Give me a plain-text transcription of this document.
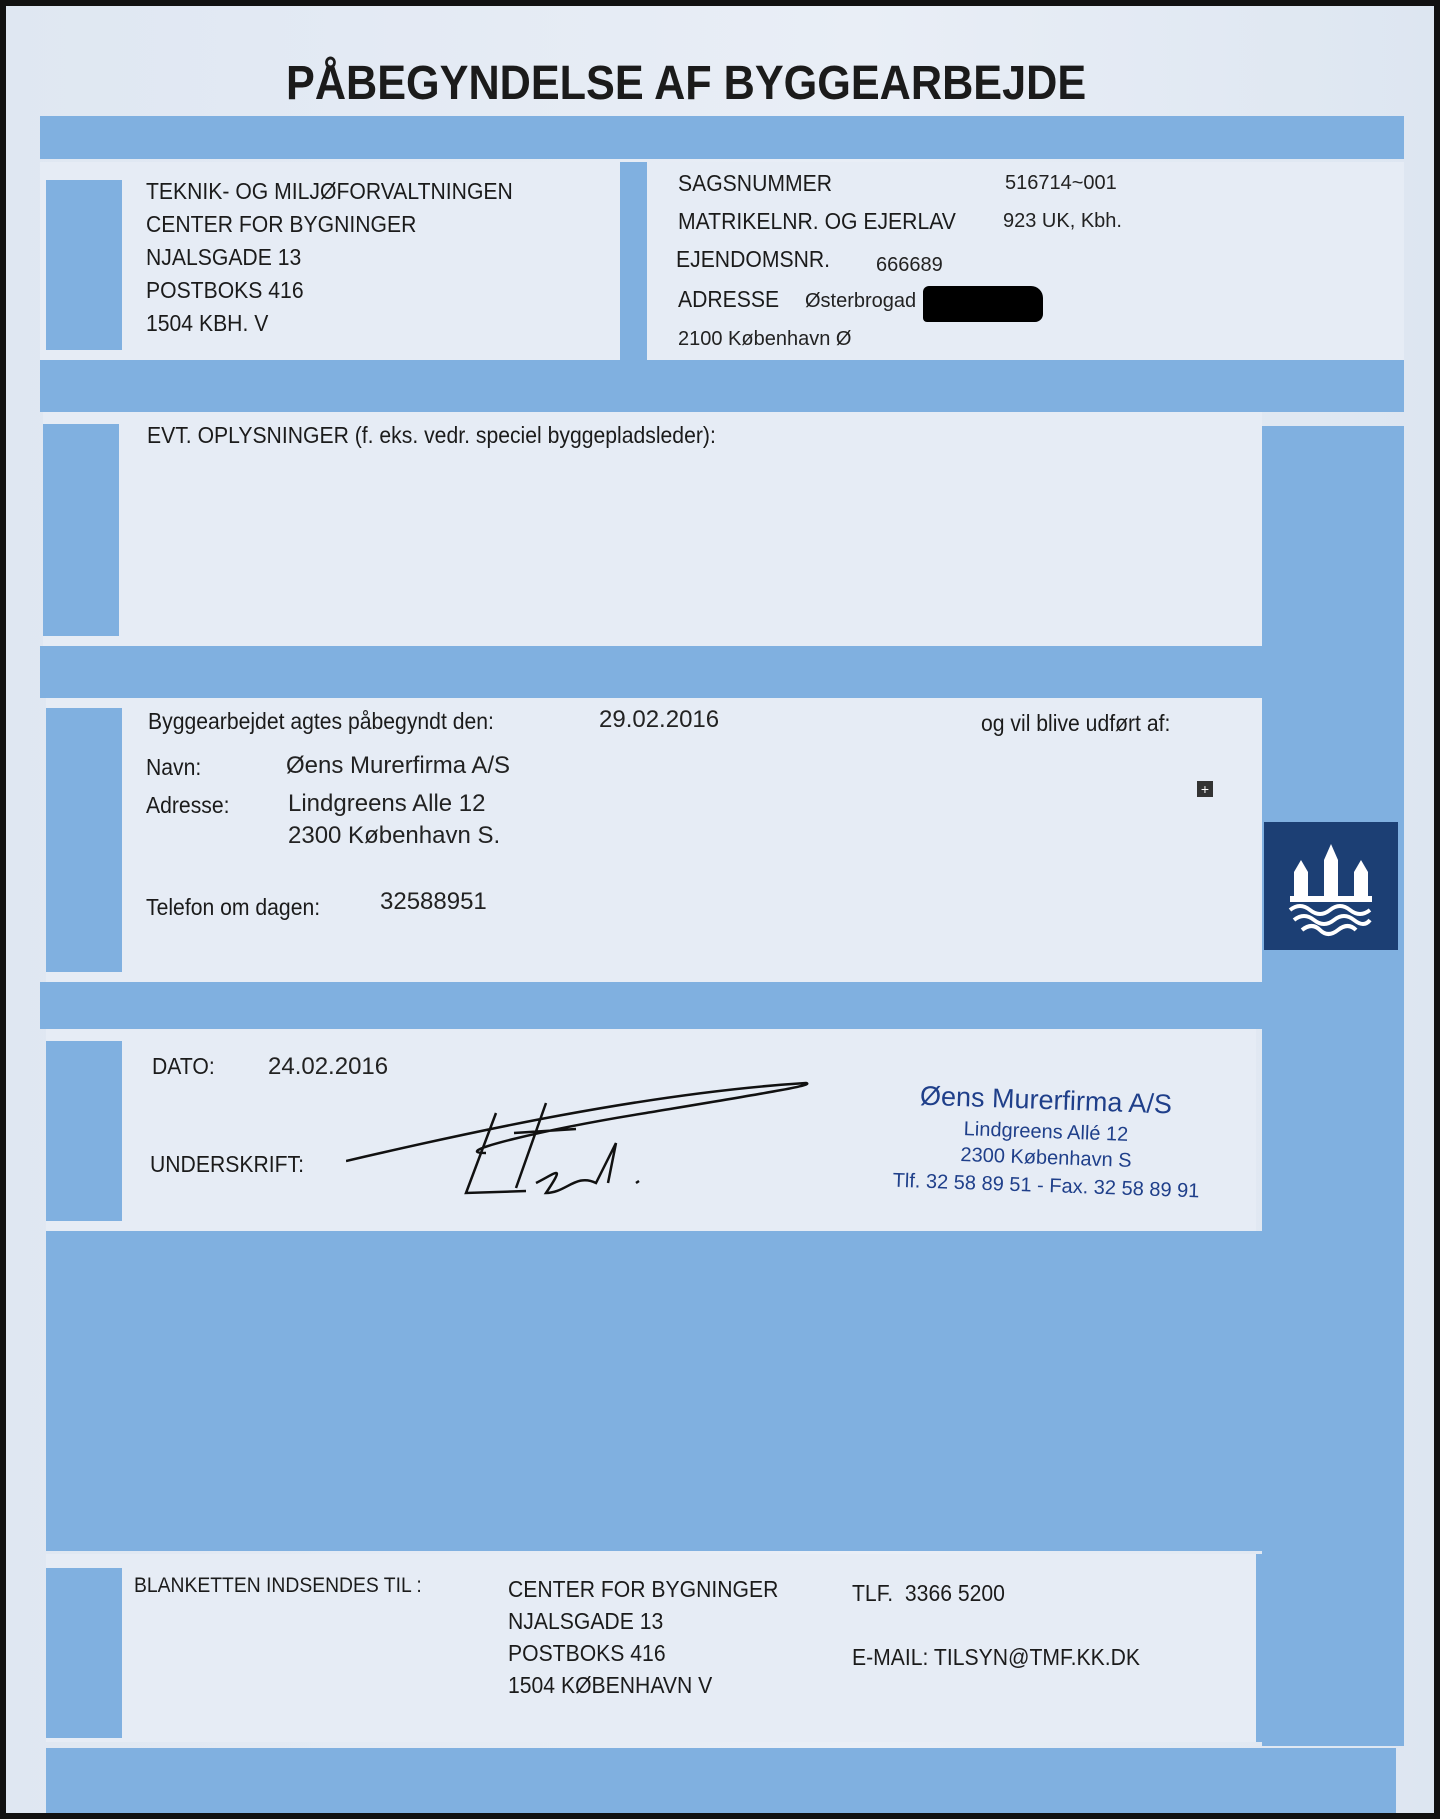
PÅBEGYNDELSE AF BYGGEARBEJDE
TEKNIK- OG MILJØFORVALTNINGEN
CENTER FOR BYGNINGER
NJALSGADE 13
POSTBOKS 416
1504 KBH. V
SAGSNUMMER	516714~001
MATRIKELNR. OG EJERLAV 923 UK, Kbh.
EJENDOMSNR. 666689
ADRESSE Østerbrogad
2100 København Ø
EVT. OPLYSNINGER (f. eks. vedr. speciel byggepladsleder):
Byggearbejdet agtes påbegyndt den:	29.02.2016	og vil blive udført af:
Navn:	Øens Murerfirma A/S
Adresse: Lindgreens Alle 12
2300 København S.
Telefon om dagen: 32588951
+
DATO: 24.02.2016
UNDERSKRIFT:
Øens Murerfirma A/S
Lindgreens Allé 12
2300 København S
Tlf. 32 58 89 51 - Fax. 32 58 89 91
BLANKETTEN INDSENDES TIL :	CENTER FOR BYGNINGER
NJALSGADE 13
POSTBOKS 416
1504 KØBENHAVN V
TLF.  3366 5200
E-MAIL: TILSYN@TMF.KK.DK
